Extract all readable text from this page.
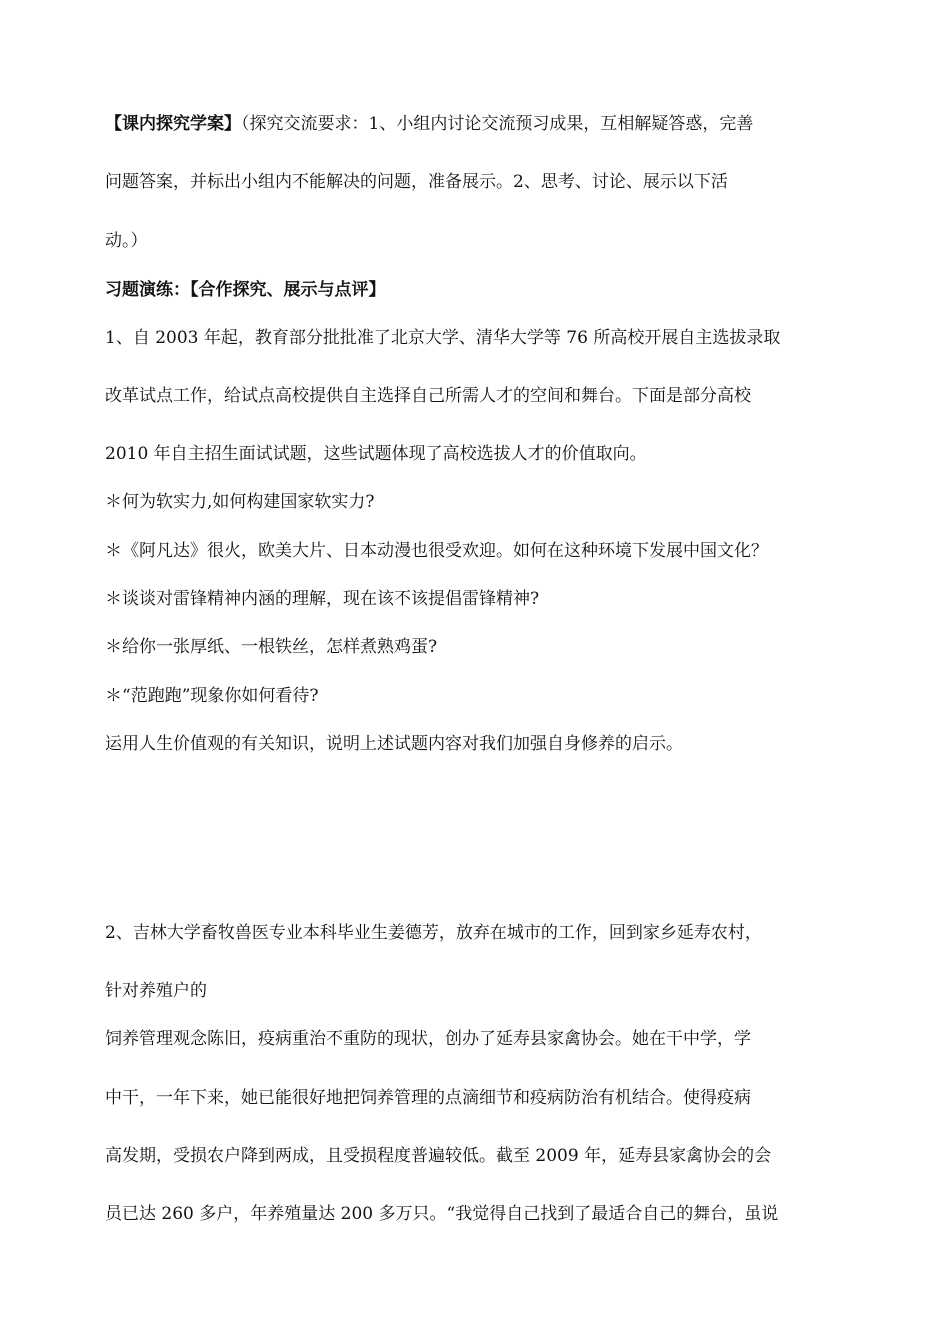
【课内探究学案】（探究交流要求：1、小组内讨论交流预习成果，互相解疑答惑，完善
问题答案，并标出小组内不能解决的问题，准备展示。2、思考、讨论、展示以下活
动。）
习题演练：【合作探究、展示与点评】
1、自 2003 年起，教育部分批批准了北京大学、清华大学等 76 所高校开展自主选拔录取
改革试点工作，给试点高校提供自主选择自己所需人才的空间和舞台。下面是部分高校
2010 年自主招生面试试题，这些试题体现了高校选拔人才的价值取向。
＊何为软实力,如何构建国家软实力?
＊《阿凡达》很火，欧美大片、日本动漫也很受欢迎。如何在这种环境下发展中国文化？
＊谈谈对雷锋精神内涵的理解，现在该不该提倡雷锋精神?
＊给你一张厚纸、一根铁丝，怎样煮熟鸡蛋?
＊“范跑跑”现象你如何看待?
运用人生价值观的有关知识，说明上述试题内容对我们加强自身修养的启示。
2、吉林大学畜牧兽医专业本科毕业生姜德芳，放弃在城市的工作，回到家乡延寿农村，
针对养殖户的
饲养管理观念陈旧，疫病重治不重防的现状，创办了延寿县家禽协会。她在干中学，学
中干，一年下来，她已能很好地把饲养管理的点滴细节和疫病防治有机结合。使得疫病
高发期，受损农户降到两成，且受损程度普遍较低。截至 2009 年，延寿县家禽协会的会
员已达 260 多户，年养殖量达 200 多万只。“我觉得自己找到了最适合自己的舞台，虽说
